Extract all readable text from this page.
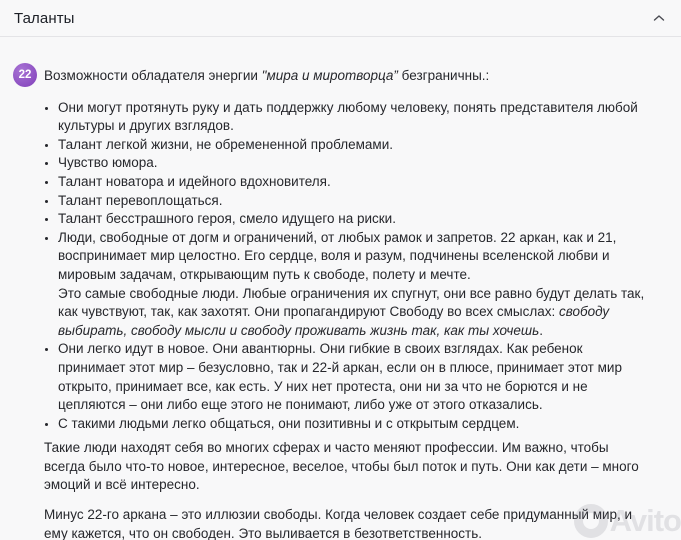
Таланты
22 Возможности обладателя энергии "мира и миротворца” безграничны.:
• Они могут протянуть руку и дать поддержку любому человеку, понять представителя любой культуры и других взглядов.
• Талант легкой жизни, не обремененной проблемами.
• Чувство юмора.
• Талант новатора и идейного вдохновителя.
• Талант перевоплощаться.
• Талант бесстрашного героя, смело идущего на риски.
• Люди, свободные от догм и ограничений, от любых рамок и запретов. 22 аркан, как и 21, воспринимает мир целостно. Его сердце, воля и разум, подчинены вселенской любви и мировым задачам, открывающим путь к свободе, полету и мечте.
Это самые свободные люди. Любые ограничения их спугнут, они все равно будут делать так, как чувствуют, так, как захотят. Они пропагандируют Свободу во всех смыслах: свободу выбирать, свободу мысли и свободу проживать жизнь так, как ты хочешь.
• Они легко идут в новое. Они авантюрны. Они гибкие в своих взглядах. Как ребенок принимает этот мир – безусловно, так и 22-й аркан, если он в плюсе, принимает этот мир открыто, принимает все, как есть. У них нет протеста, они ни за что не борются и не цепляются – они либо еще этого не понимают, либо уже от этого отказались.
• С такими людьми легко общаться, они позитивны и с открытым сердцем.
Такие люди находят себя во многих сферах и часто меняют профессии. Им важно, чтобы всегда было что-то новое, интересное, веселое, чтобы был поток и путь. Они как дети – много эмоций и всё интересно.
Минус 22-го аркана – это иллюзии свободы. Когда человек создает себе придуманный мир, и ему кажется, что он свободен. Это выливается в безответственность.	Avito
